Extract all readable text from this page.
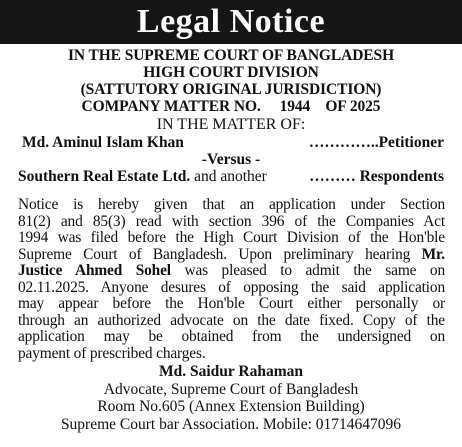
Legal Notice
IN THE SUPREME COURT OF BANGLADESH
HIGH COURT DIVISION
(SATTUTORY ORIGINAL JURISDICTION)
COMPANY MATTER NO. 1944 OF 2025
IN THE MATTER OF:
Md. Aminul Islam Khan	…………..Petitioner
-Versus -
Southern Real Estate Ltd. and another	……… Respondents
Notice is hereby given that an application under Section
81(2) and 85(3) read with section 396 of the Companies Act
1994 was filed before the High Court Division of the Hon'ble
Supreme Court of Bangladesh. Upon preliminary hearing Mr.
Justice Ahmed Sohel was pleased to admit the same on
02.11.2025. Anyone desures of opposing the said application
may appear before the Hon'ble Court either personally or
through an authorized advocate on the date fixed. Copy of the
application may be obtained from the undersigned on
payment of prescribed charges.
Md. Saidur Rahaman
Advocate, Supreme Court of Bangladesh
Room No.605 (Annex Extension Building)
Supreme Court bar Association. Mobile: 01714647096
